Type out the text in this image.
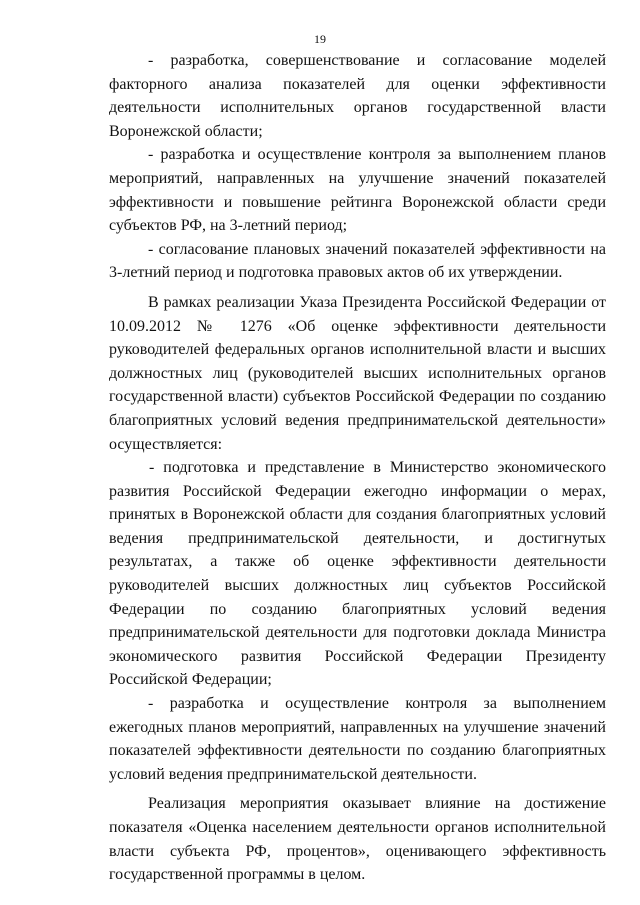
19

- разработка, совершенствование и согласование моделей факторного анализа показателей для оценки эффективности деятельности исполнительных органов государственной власти Воронежской области;

- разработка и осуществление контроля за выполнением планов мероприятий, направленных на улучшение значений показателей эффективности и повышение рейтинга Воронежской области среди субъектов РФ, на 3-летний период;

- согласование плановых значений показателей эффективности на 3-летний период и подготовка правовых актов об их утверждении.

В рамках реализации Указа Президента Российской Федерации от 10.09.2012 № 1276 «Об оценке эффективности деятельности руководителей федеральных органов исполнительной власти и высших должностных лиц (руководителей высших исполнительных органов государственной власти) субъектов Российской Федерации по созданию благоприятных условий ведения предпринимательской деятельности» осуществляется:

- подготовка и представление в Министерство экономического развития Российской Федерации ежегодно информации о мерах, принятых в Воронежской области для создания благоприятных условий ведения предпринимательской деятельности, и достигнутых результатах, а также об оценке эффективности деятельности руководителей высших должностных лиц субъектов Российской Федерации по созданию благоприятных условий ведения предпринимательской деятельности для подготовки доклада Министра экономического развития Российской Федерации Президенту Российской Федерации;

- разработка и осуществление контроля за выполнением ежегодных планов мероприятий, направленных на улучшение значений показателей эффективности деятельности по созданию благоприятных условий ведения предпринимательской деятельности.

Реализация мероприятия оказывает влияние на достижение показателя «Оценка населением деятельности органов исполнительной власти субъекта РФ, процентов», оценивающего эффективность государственной программы в целом.
